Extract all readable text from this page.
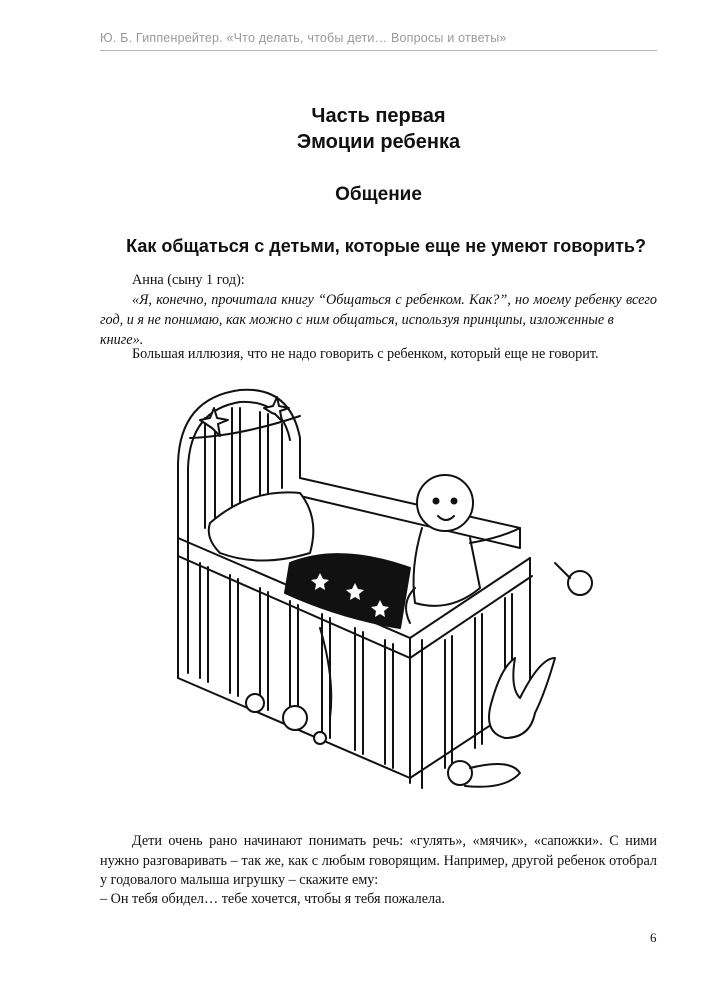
Ю. Б. Гиппенрейтер. «Что делать, чтобы дети… Вопросы и ответы»
Часть первая
Эмоции ребенка
Общение
Как общаться с детьми, которые еще не умеют говорить?
Анна (сыну 1 год):
«Я, конечно, прочитала книгу “Общаться с ребенком. Как?”, но моему ребенку всего
год, и я не понимаю, как можно с ним общаться, используя принципы, изложенные в книге».
Большая иллюзия, что не надо говорить с ребенком, который еще не говорит.
Дети очень рано начинают понимать речь: «гулять», «мячик», «сапожки». С ними
нужно разговаривать – так же, как с любым говорящим. Например, другой ребенок отобрал
у годовалого малыша игрушку – скажите ему:
– Он тебя обидел… тебе хочется, чтобы я тебя пожалела.
6
